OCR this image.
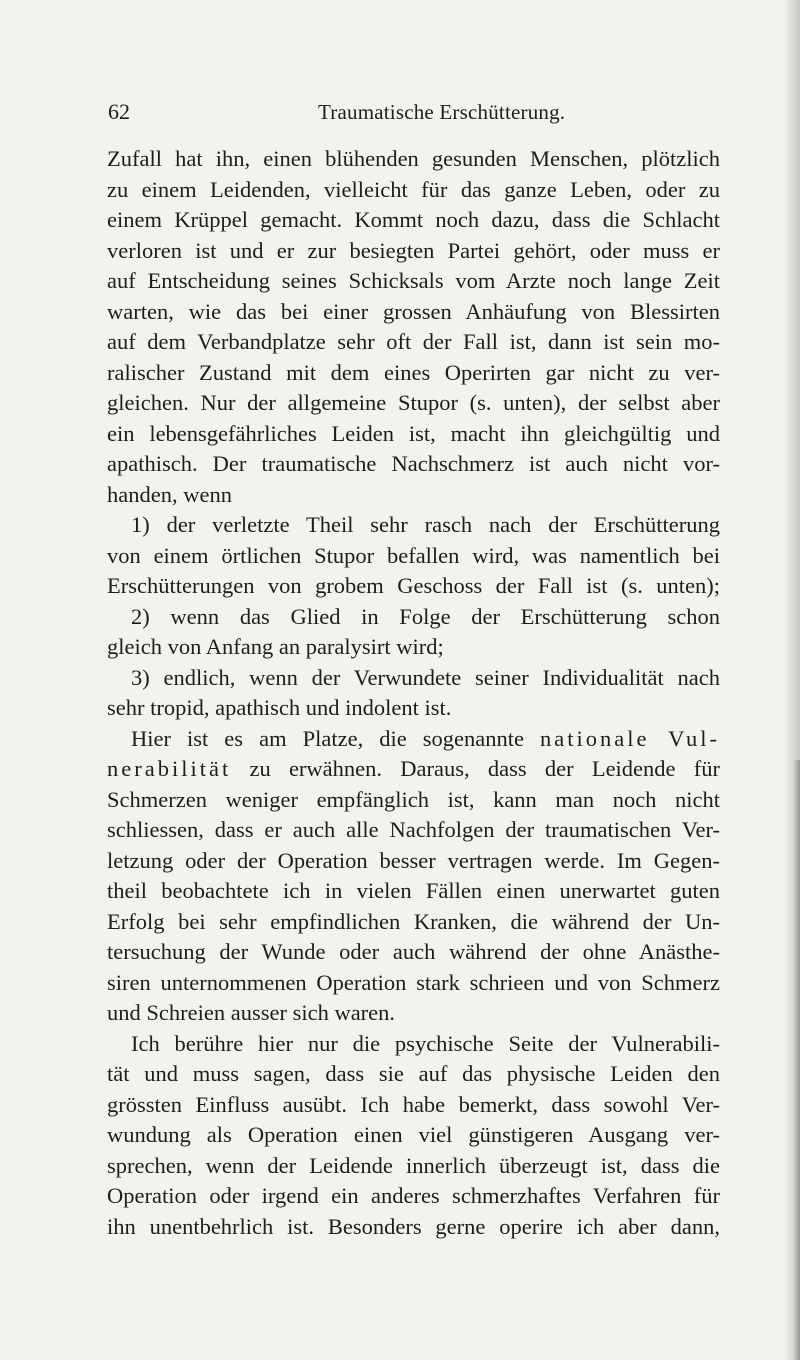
62	Traumatische Erschütterung.
Zufall hat ihn, einen blühenden gesunden Menschen, plötzlich
zu einem Leidenden, vielleicht für das ganze Leben, oder zu
einem Krüppel gemacht. Kommt noch dazu, dass die Schlacht
verloren ist und er zur besiegten Partei gehört, oder muss er
auf Entscheidung seines Schicksals vom Arzte noch lange Zeit
warten, wie das bei einer grossen Anhäufung von Blessirten
auf dem Verbandplatze sehr oft der Fall ist, dann ist sein mo-
ralischer Zustand mit dem eines Operirten gar nicht zu ver-
gleichen. Nur der allgemeine Stupor (s. unten), der selbst aber
ein lebensgefährliches Leiden ist, macht ihn gleichgültig und
apathisch. Der traumatische Nachschmerz ist auch nicht vor-
handen, wenn
1) der verletzte Theil sehr rasch nach der Erschütterung
von einem örtlichen Stupor befallen wird, was namentlich bei
Erschütterungen von grobem Geschoss der Fall ist (s. unten);
2) wenn das Glied in Folge der Erschütterung schon
gleich von Anfang an paralysirt wird;
3) endlich, wenn der Verwundete seiner Individualität nach
sehr tropid, apathisch und indolent ist.
Hier ist es am Platze, die sogenannte nationale Vul-
nerabilität zu erwähnen. Daraus, dass der Leidende für
Schmerzen weniger empfänglich ist, kann man noch nicht
schliessen, dass er auch alle Nachfolgen der traumatischen Ver-
letzung oder der Operation besser vertragen werde. Im Gegen-
theil beobachtete ich in vielen Fällen einen unerwartet guten
Erfolg bei sehr empfindlichen Kranken, die während der Un-
tersuchung der Wunde oder auch während der ohne Anästhe-
siren unternommenen Operation stark schrieen und von Schmerz
und Schreien ausser sich waren.
Ich berühre hier nur die psychische Seite der Vulnerabili-
tät und muss sagen, dass sie auf das physische Leiden den
grössten Einfluss ausübt. Ich habe bemerkt, dass sowohl Ver-
wundung als Operation einen viel günstigeren Ausgang ver-
sprechen, wenn der Leidende innerlich überzeugt ist, dass die
Operation oder irgend ein anderes schmerzhaftes Verfahren für
ihn unentbehrlich ist. Besonders gerne operire ich aber dann,
